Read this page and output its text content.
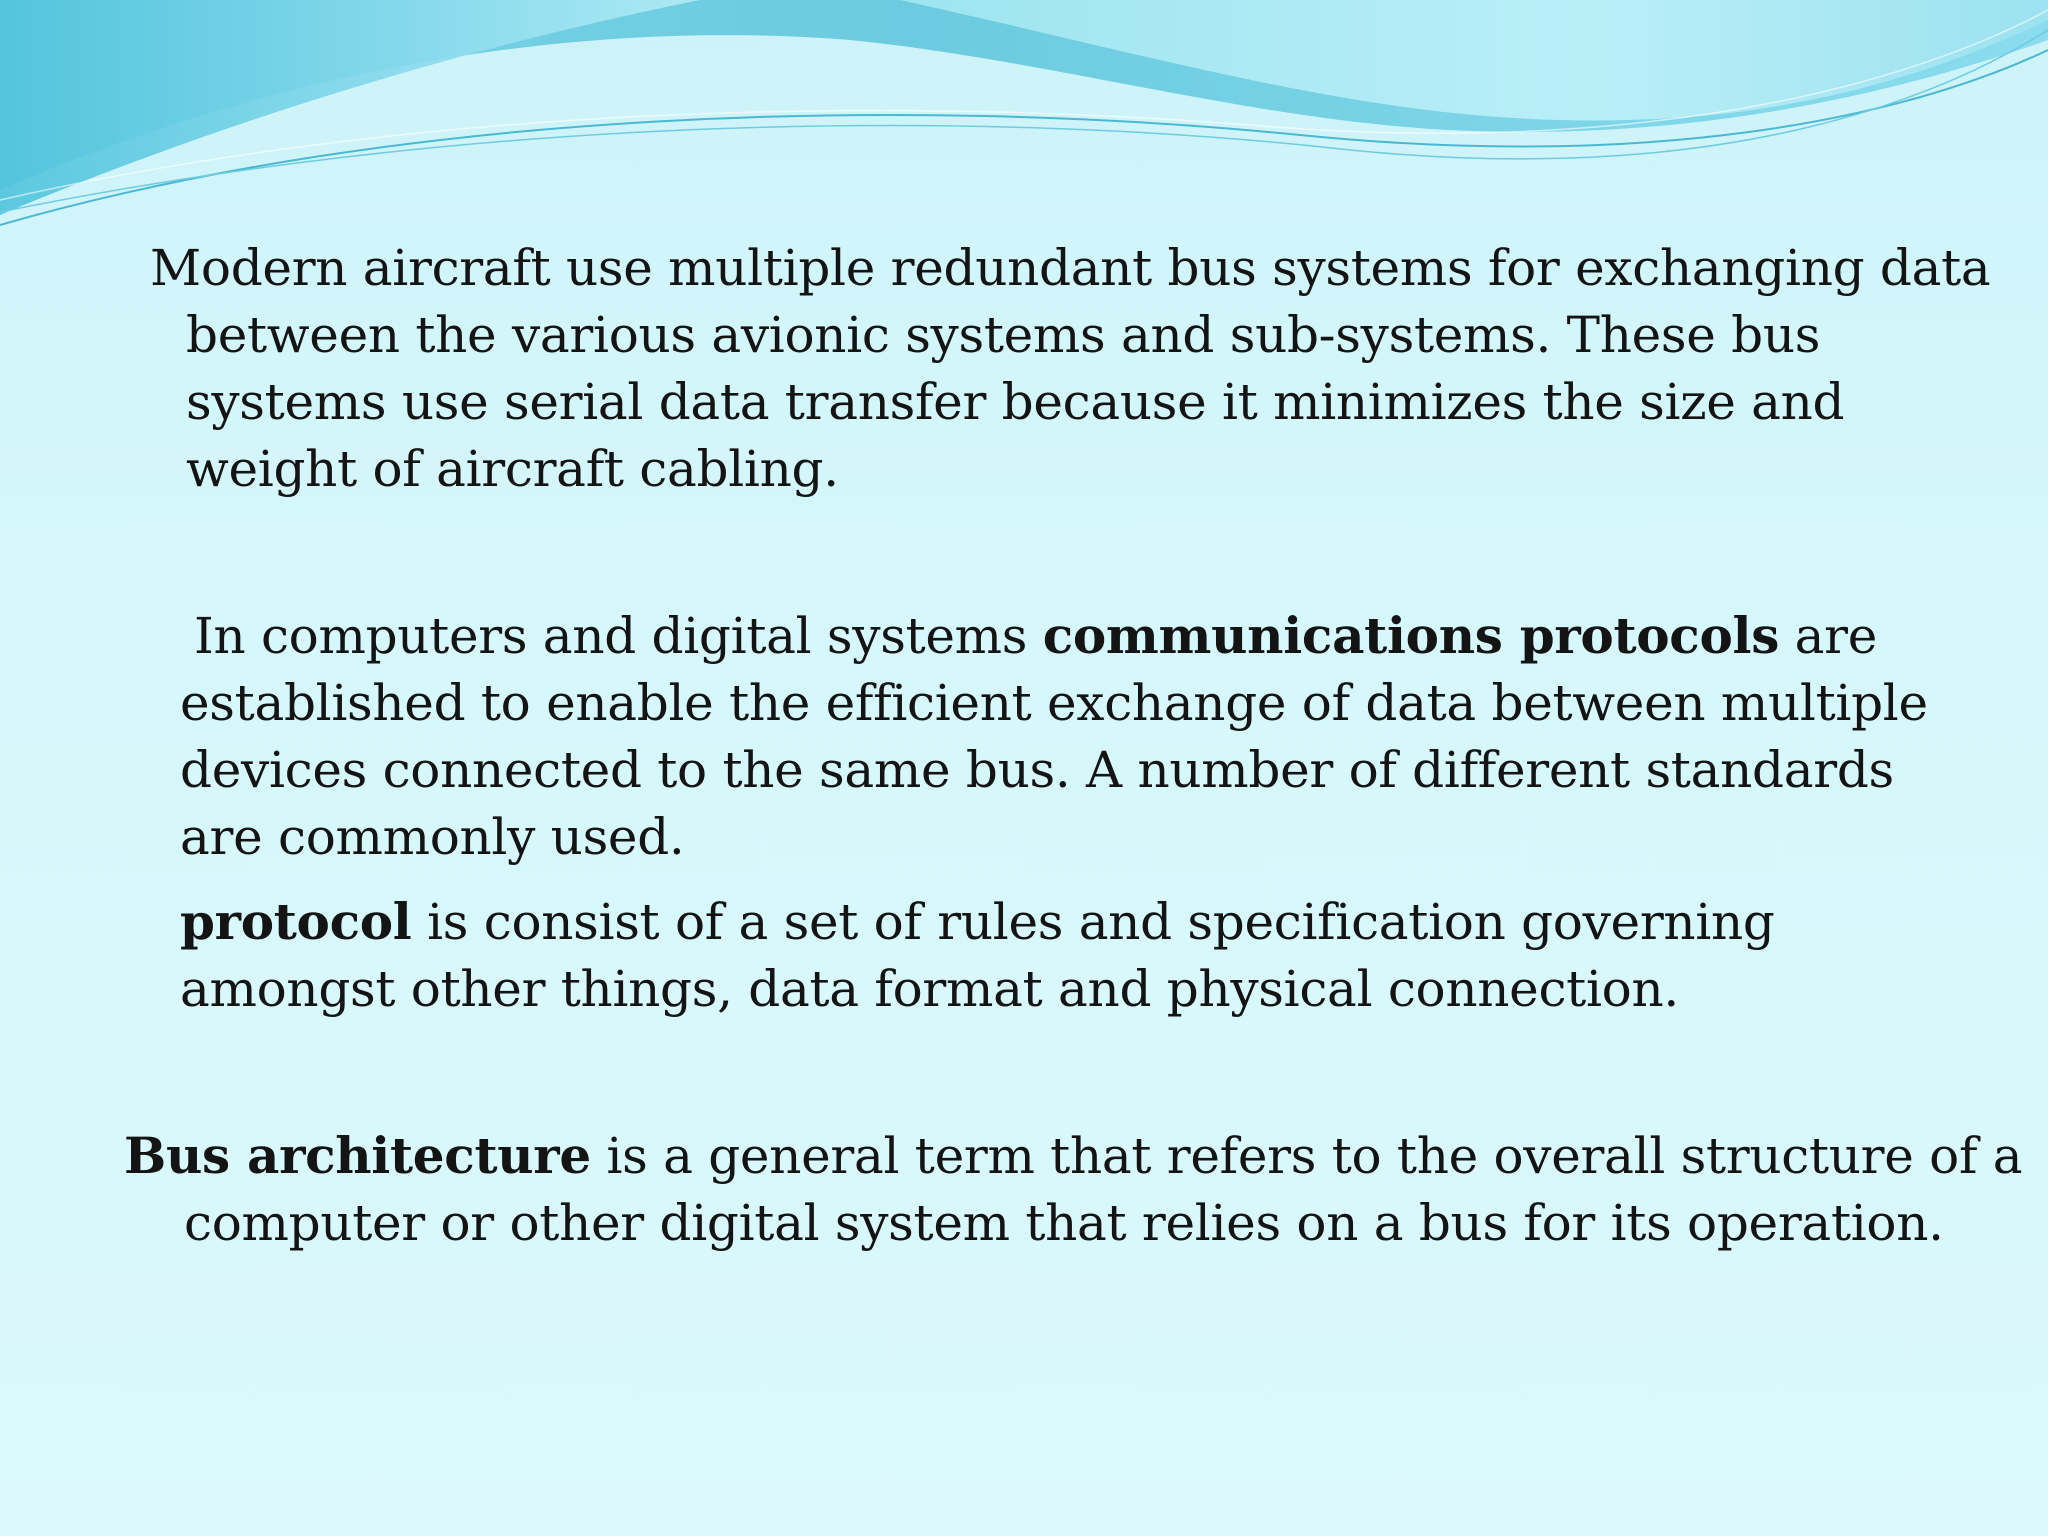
Modern aircraft use multiple redundant bus systems for exchanging data
between the various avionic systems and sub-systems. These bus
systems use serial data transfer because it minimizes the size and
weight of aircraft cabling.

In computers and digital systems communications protocols are
established to enable the efficient exchange of data between multiple
devices connected to the same bus. A number of different standards
are commonly used.

protocol is consist of a set of rules and specification governing
amongst other things, data format and physical connection.

Bus architecture is a general term that refers to the overall structure of a
computer or other digital system that relies on a bus for its operation.
